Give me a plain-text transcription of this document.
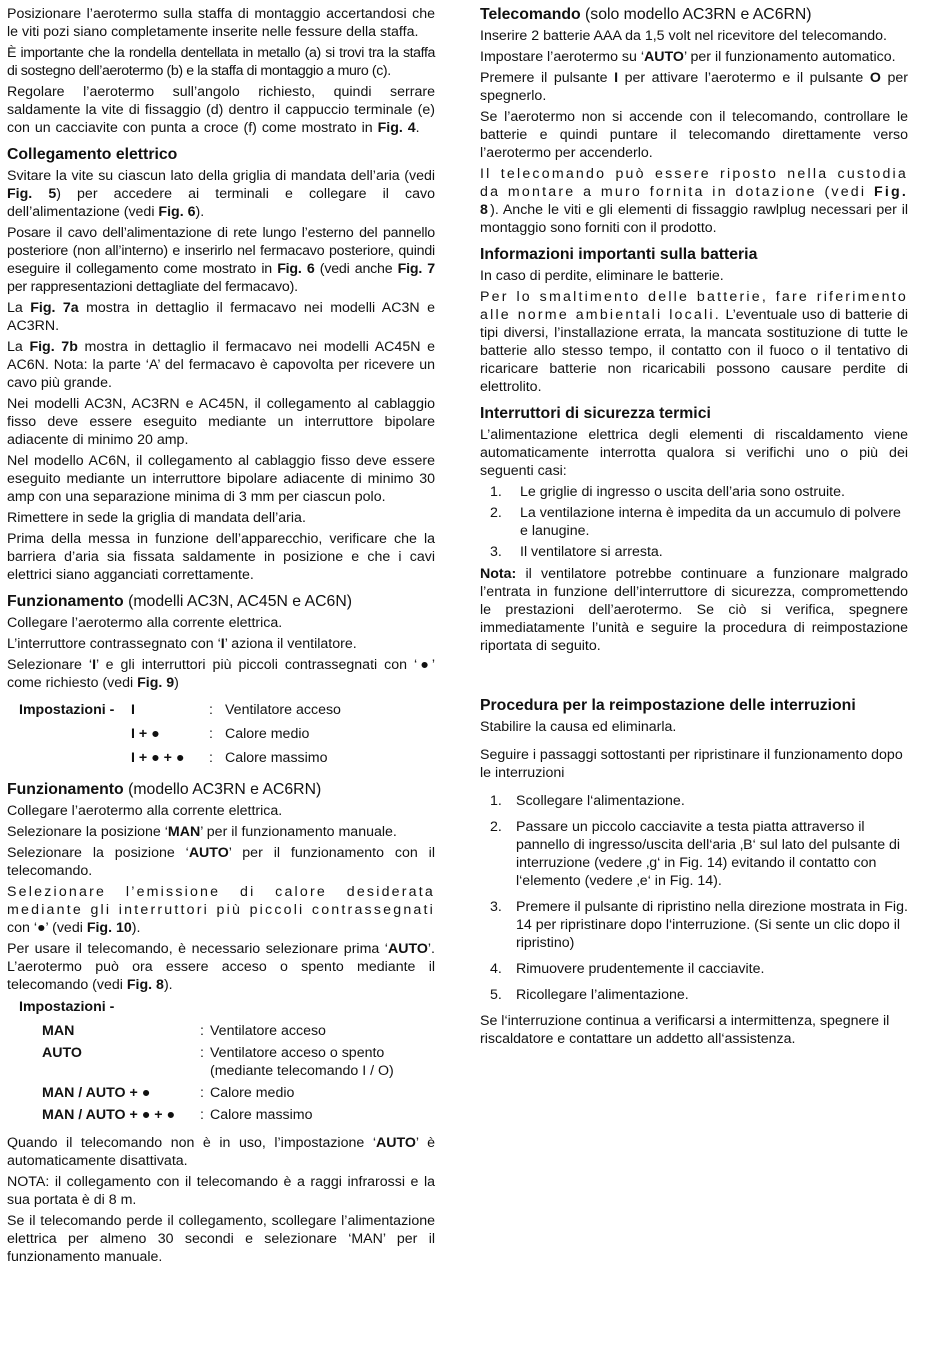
Posizionare l’aerotermo sulla staffa di montaggio accertandosi che le viti pozi siano completamente inserite nelle fessure della staffa.

È importante che la rondella dentellata in metallo (a) si trovi tra la staffa di sostegno dell’aerotermo (b) e la staffa di montaggio a muro (c).

Regolare l’aerotermo sull’angolo richiesto, quindi serrare saldamente la vite di fissaggio (d) dentro il cappuccio terminale (e) con un cacciavite con punta a croce (f) come mostrato in Fig. 4.

Collegamento elettrico

Svitare la vite su ciascun lato della griglia di mandata dell’aria (vedi Fig. 5) per accedere ai terminali e collegare il cavo dell’alimentazione (vedi Fig. 6).

Posare il cavo dell’alimentazione di rete lungo l’esterno del pannello posteriore (non all’interno) e inserirlo nel fermacavo posteriore, quindi eseguire il collegamento come mostrato in Fig. 6 (vedi anche Fig. 7 per rappresentazioni dettagliate del fermacavo).

La Fig. 7a mostra in dettaglio il fermacavo nei modelli AC3N e AC3RN.

La Fig. 7b mostra in dettaglio il fermacavo nei modelli AC45N e AC6N. Nota: la parte ‘A’ del fermacavo è capovolta per ricevere un cavo più grande.

Nei modelli AC3N, AC3RN e AC45N, il collegamento al cablaggio fisso deve essere eseguito mediante un interruttore bipolare adiacente di minimo 20 amp.

Nel modello AC6N, il collegamento al cablaggio fisso deve essere eseguito mediante un interruttore bipolare adiacente di minimo 30 amp con una separazione minima di 3 mm per ciascun polo.

Rimettere in sede la griglia di mandata dell’aria.

Prima della messa in funzione dell’apparecchio, verificare che la barriera d’aria sia fissata saldamente in posizione e che i cavi elettrici siano agganciati correttamente.

Funzionamento (modelli AC3N, AC45N e AC6N)

Collegare l’aerotermo alla corrente elettrica.

L’interruttore contrassegnato con ‘I’ aziona il ventilatore.

Selezionare ‘I’ e gli interruttori più piccoli contrassegnati con ‘●’ come richiesto (vedi Fig. 9)

Impostazioni -	I	: Ventilatore acceso
I + ●	: Calore medio
I + ● + ●	: Calore massimo
Funzionamento (modello AC3RN e AC6RN)

Collegare l’aerotermo alla corrente elettrica.

Selezionare la posizione ‘MAN’ per il funzionamento manuale.

Selezionare la posizione ‘AUTO’ per il funzionamento con il telecomando.

Selezionare l’emissione di calore desiderata mediante gli interruttori più piccoli contrassegnati con ‘●’ (vedi Fig. 10).

Per usare il telecomando, è necessario selezionare prima ‘AUTO’. L’aerotermo può ora essere acceso o spento mediante il telecomando (vedi Fig. 8).

Impostazioni -
MAN	: Ventilatore acceso
AUTO	: Ventilatore acceso o spento (mediante telecomando I / O)
MAN / AUTO + ●	: Calore medio
MAN / AUTO + ● + ●	: Calore massimo

Quando il telecomando non è in uso, l’impostazione ‘AUTO’ è automaticamente disattivata.

NOTA: il collegamento con il telecomando è a raggi infrarossi e la sua portata è di 8 m.

Se il telecomando perde il collegamento, scollegare l’alimentazione elettrica per almeno 30 secondi e selezionare ‘MAN’ per il funzionamento manuale.

Telecomando (solo modello AC3RN e AC6RN)

Inserire 2 batterie AAA da 1,5 volt nel ricevitore del telecomando.

Impostare l’aerotermo su ‘AUTO’ per il funzionamento automatico.

Premere il pulsante I per attivare l’aerotermo e il pulsante O per spegnerlo.

Se l’aerotermo non si accende con il telecomando, controllare le batterie e quindi puntare il telecomando direttamente verso l’aerotermo per accenderlo.

Il telecomando può essere riposto nella custodia da montare a muro fornita in dotazione (vedi Fig. 8). Anche le viti e gli elementi di fissaggio rawlplug necessari per il montaggio sono forniti con il prodotto.

Informazioni importanti sulla batteria

In caso di perdite, eliminare le batterie.

Per lo smaltimento delle batterie, fare riferimento alle norme ambientali locali. L’eventuale uso di batterie di tipi diversi, l’installazione errata, la mancata sostituzione di tutte le batterie allo stesso tempo, il contatto con il fuoco o il tentativo di ricaricare batterie non ricaricabili possono causare perdite di elettrolito.

Interruttori di sicurezza termici

L’alimentazione elettrica degli elementi di riscaldamento viene automaticamente interrotta qualora si verifichi uno o più dei seguenti casi:

1.	Le griglie di ingresso o uscita dell’aria sono ostruite.
2.	La ventilazione interna è impedita da un accumulo di polvere e lanugine.
3.	Il ventilatore si arresta.

Nota: il ventilatore potrebbe continuare a funzionare malgrado l’entrata in funzione dell’interruttore di sicurezza, compromettendo le prestazioni dell’aerotermo. Se ciò si verifica, spegnere immediatamente l’unità e seguire la procedura di reimpostazione riportata di seguito.

Procedura per la reimpostazione delle interruzioni

Stabilire la causa ed eliminarla.

Seguire i passaggi sottostanti per ripristinare il funzionamento dopo le interruzioni

1. Scollegare l‘alimentazione.
2. Passare un piccolo cacciavite a testa piatta attraverso il pannello di ingresso/uscita dell‘aria ‚B‘ sul lato del pulsante di interruzione (vedere ‚g‘ in Fig. 14) evitando il contatto con l‘elemento (vedere ‚e‘ in Fig. 14).
3. Premere il pulsante di ripristino nella direzione mostrata in Fig. 14 per ripristinare dopo l‘interruzione. (Si sente un clic dopo il ripristino)
4. Rimuovere prudentemente il cacciavite.
5. Ricollegare l’alimentazione.

Se l‘interruzione continua a verificarsi a intermittenza, spegnere il riscaldatore e contattare un addetto all‘assistenza.
